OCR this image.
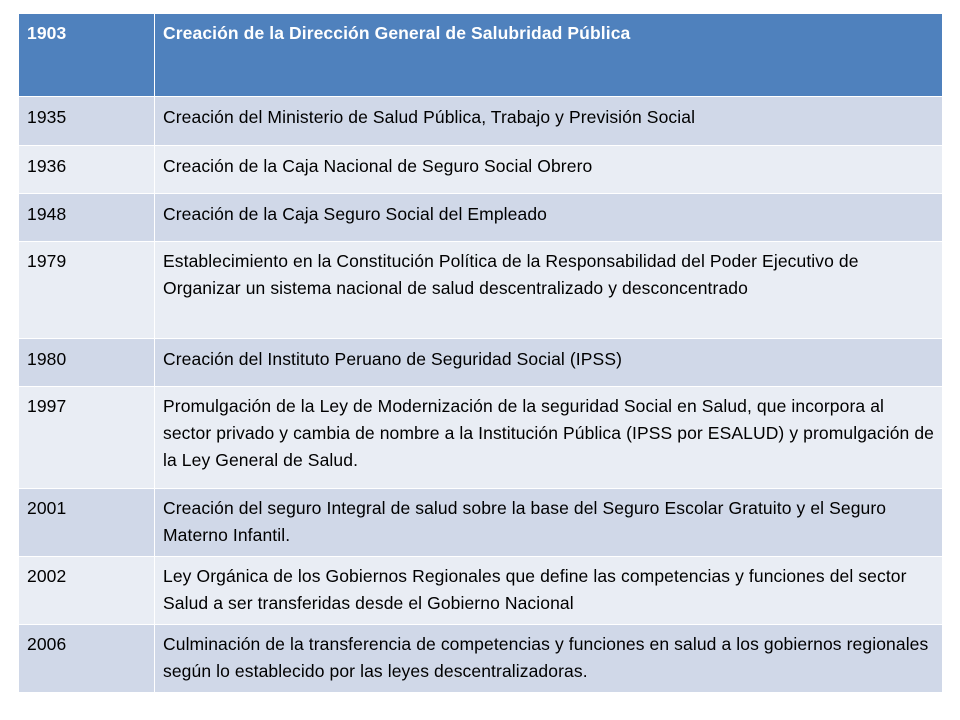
1903	Creación de la Dirección General de Salubridad Pública
1935	Creación del Ministerio de Salud Pública, Trabajo y Previsión Social
1936	Creación de la Caja Nacional de Seguro Social Obrero
1948	Creación de la Caja Seguro Social del Empleado
1979	Establecimiento en la Constitución Política de la Responsabilidad del Poder Ejecutivo de Organizar un sistema nacional de salud descentralizado y desconcentrado
1980	Creación del Instituto Peruano de Seguridad Social (IPSS)
1997	Promulgación de la Ley de Modernización de la seguridad Social en Salud, que incorpora al sector privado y cambia de nombre a la Institución Pública (IPSS por ESALUD) y promulgación de la Ley General de Salud.
2001	Creación del seguro Integral de salud sobre la base del Seguro Escolar Gratuito y el Seguro Materno Infantil.
2002	Ley Orgánica de los Gobiernos Regionales que define las competencias y funciones del sector Salud a ser transferidas desde el Gobierno Nacional
2006	Culminación de la transferencia de competencias y funciones en salud a los gobiernos regionales según lo establecido por las leyes descentralizadoras.
